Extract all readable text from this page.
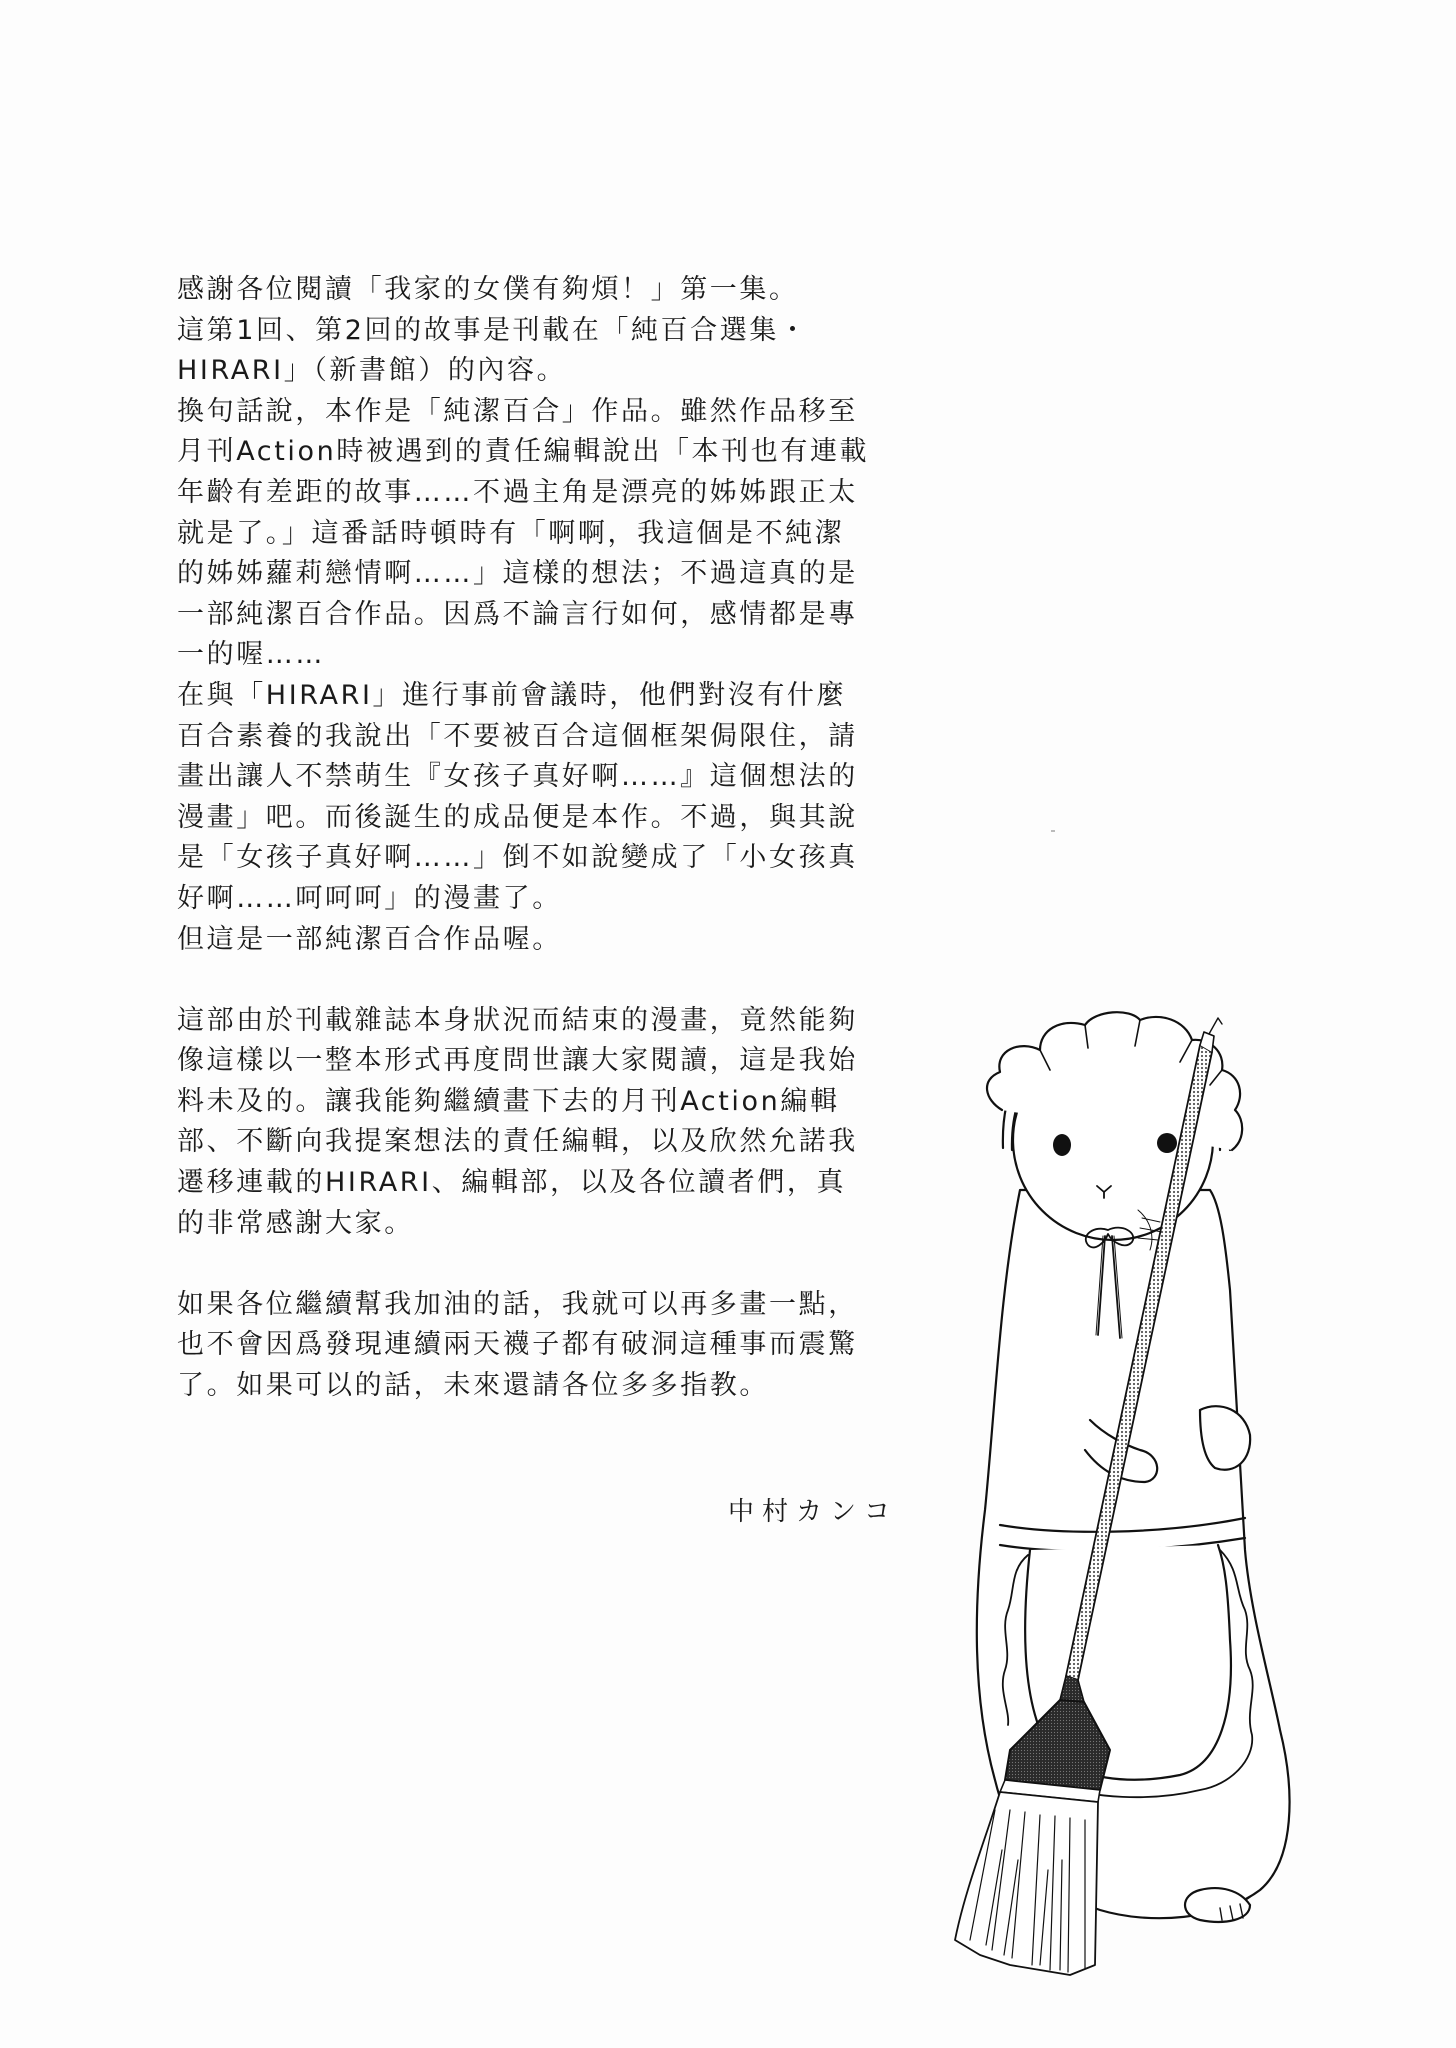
感謝各位閱讀「我家的女僕有夠煩！」第一集。
這第1回、第2回的故事是刊載在「純百合選集・
HIRARI」（新書館）的內容。
換句話說，本作是「純潔百合」作品。雖然作品移至
月刊Action時被遇到的責任編輯說出「本刊也有連載
年齡有差距的故事……不過主角是漂亮的姊姊跟正太
就是了。」這番話時頓時有「啊啊，我這個是不純潔
的姊姊蘿莉戀情啊……」這樣的想法；不過這真的是
一部純潔百合作品。因爲不論言行如何，感情都是專
一的喔……
在與「HIRARI」進行事前會議時，他們對沒有什麼
百合素養的我說出「不要被百合這個框架侷限住，請
畫出讓人不禁萌生『女孩子真好啊……』這個想法的
漫畫」吧。而後誕生的成品便是本作。不過，與其說
是「女孩子真好啊……」倒不如說變成了「小女孩真
好啊……呵呵呵」的漫畫了。
但這是一部純潔百合作品喔。
這部由於刊載雜誌本身狀況而結束的漫畫，竟然能夠
像這樣以一整本形式再度問世讓大家閱讀，這是我始
料未及的。讓我能夠繼續畫下去的月刊Action編輯
部、不斷向我提案想法的責任編輯，以及欣然允諾我
遷移連載的HIRARI、編輯部，以及各位讀者們，真
的非常感謝大家。
如果各位繼續幫我加油的話，我就可以再多畫一點，
也不會因爲發現連續兩天襪子都有破洞這種事而震驚
了。如果可以的話，未來還請各位多多指教。
中村カンコ
